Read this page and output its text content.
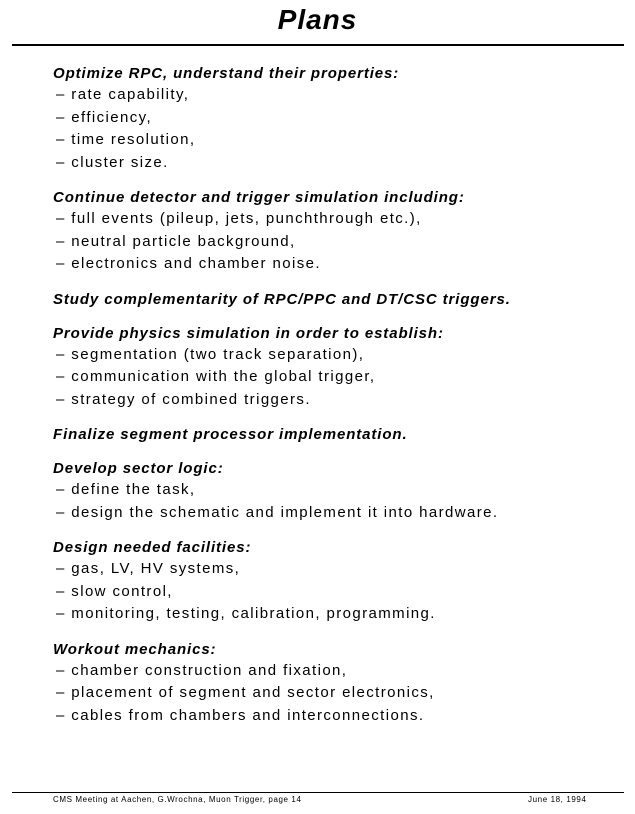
Plans
Optimize RPC, understand their properties:
– rate capability,
– efficiency,
– time resolution,
– cluster size.
Continue detector and trigger simulation including:
– full events (pileup, jets, punchthrough etc.),
– neutral particle background,
– electronics and chamber noise.
Study complementarity of RPC/PPC and DT/CSC triggers.
Provide physics simulation in order to establish:
– segmentation (two track separation),
– communication with the global trigger,
– strategy of combined triggers.
Finalize segment processor implementation.
Develop sector logic:
– define the task,
– design the schematic and implement it into hardware.
Design needed facilities:
– gas, LV, HV systems,
– slow control,
– monitoring, testing, calibration, programming.
Workout mechanics:
– chamber construction and fixation,
– placement of segment and sector electronics,
– cables from chambers and interconnections.
CMS Meeting at Aachen, G.Wrochna, Muon Trigger, page 14	June 18, 1994
